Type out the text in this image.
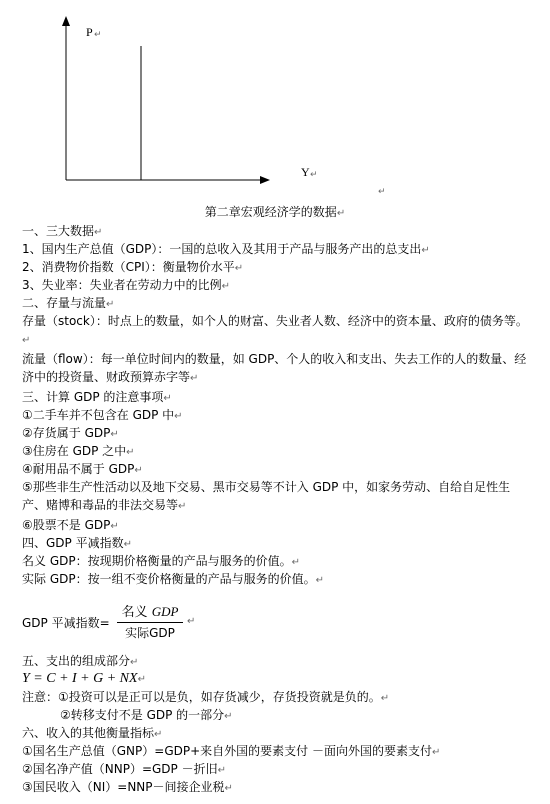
P ↵
Y ↵
↵
第二章宏观经济学的数据↵
一、三大数据↵
1、国内生产总值（GDP）：一国的总收入及其用于产品与服务产出的总支出↵
2、消费物价指数（CPI）：衡量物价水平↵
3、失业率：失业者在劳动力中的比例↵
二、存量与流量↵
存量（stock）：时点上的数量，如个人的财富、失业者人数、经济中的资本量、政府的债务等。↵
流量（flow）：每一单位时间内的数量，如 GDP、个人的收入和支出、失去工作的人的数量、经济中的投资量、财政预算赤字等↵
三、计算 GDP 的注意事项↵
①二手车并不包含在 GDP 中↵
②存货属于 GDP↵
③住房在 GDP 之中↵
④耐用品不属于 GDP↵
⑤那些非生产性活动以及地下交易、黑市交易等不计入 GDP 中，如家务劳动、自给自足性生产、赌博和毒品的非法交易等↵
⑥股票不是 GDP↵
四、GDP 平减指数↵
名义 GDP：按现期价格衡量的产品与服务的价值。↵
实际 GDP：按一组不变价格衡量的产品与服务的价值。↵
GDP 平减指数=
名义 GDP
实际GDP
↵
五、支出的组成部分↵
Y = C + I + G + NX↵
注意：①投资可以是正可以是负，如存货减少，存货投资就是负的。↵
②转移支付不是 GDP 的一部分↵
六、收入的其他衡量指标↵
①国名生产总值（GNP）=GDP+来自外国的要素支付 －面向外国的要素支付↵
②国名净产值（NNP）=GDP －折旧↵
③国民收入（NI）=NNP－间接企业税↵
